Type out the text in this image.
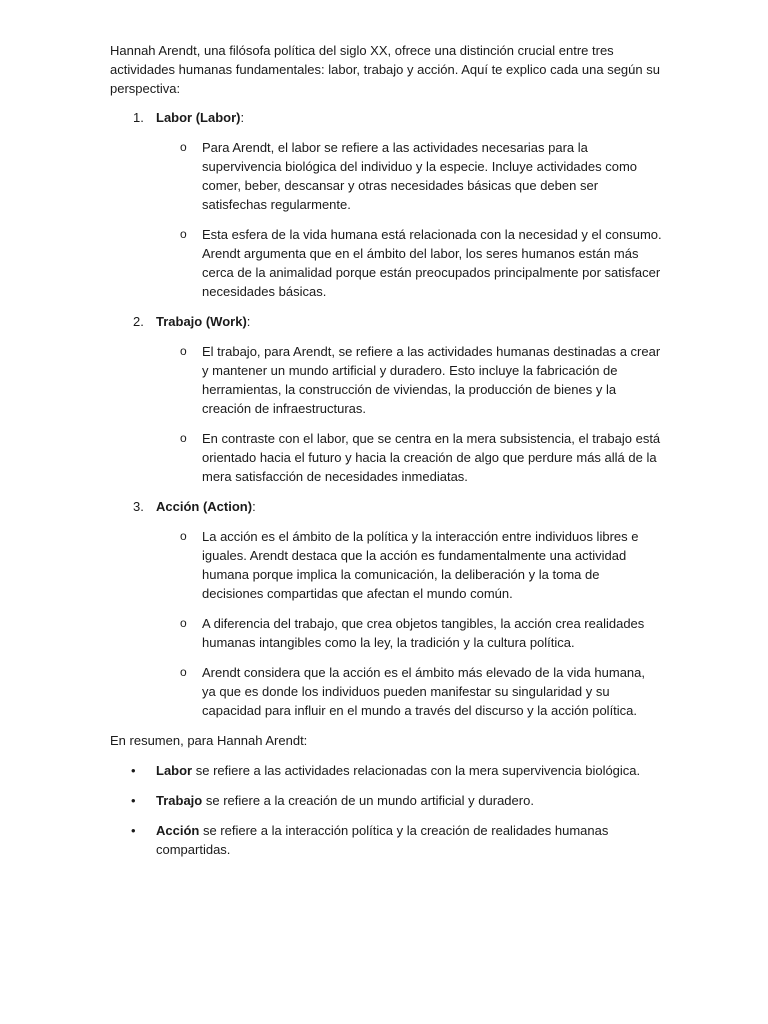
Hannah Arendt, una filósofa política del siglo XX, ofrece una distinción crucial entre tres actividades humanas fundamentales: labor, trabajo y acción. Aquí te explico cada una según su perspectiva:

1. Labor (Labor):
o Para Arendt, el labor se refiere a las actividades necesarias para la supervivencia biológica del individuo y la especie. Incluye actividades como comer, beber, descansar y otras necesidades básicas que deben ser satisfechas regularmente.
o Esta esfera de la vida humana está relacionada con la necesidad y el consumo. Arendt argumenta que en el ámbito del labor, los seres humanos están más cerca de la animalidad porque están preocupados principalmente por satisfacer necesidades básicas.
2. Trabajo (Work):
o El trabajo, para Arendt, se refiere a las actividades humanas destinadas a crear y mantener un mundo artificial y duradero. Esto incluye la fabricación de herramientas, la construcción de viviendas, la producción de bienes y la creación de infraestructuras.
o En contraste con el labor, que se centra en la mera subsistencia, el trabajo está orientado hacia el futuro y hacia la creación de algo que perdure más allá de la mera satisfacción de necesidades inmediatas.
3. Acción (Action):
o La acción es el ámbito de la política y la interacción entre individuos libres e iguales. Arendt destaca que la acción es fundamentalmente una actividad humana porque implica la comunicación, la deliberación y la toma de decisiones compartidas que afectan el mundo común.
o A diferencia del trabajo, que crea objetos tangibles, la acción crea realidades humanas intangibles como la ley, la tradición y la cultura política.
o Arendt considera que la acción es el ámbito más elevado de la vida humana, ya que es donde los individuos pueden manifestar su singularidad y su capacidad para influir en el mundo a través del discurso y la acción política.

En resumen, para Hannah Arendt:

• Labor se refiere a las actividades relacionadas con la mera supervivencia biológica.
• Trabajo se refiere a la creación de un mundo artificial y duradero.
• Acción se refiere a la interacción política y la creación de realidades humanas compartidas.
